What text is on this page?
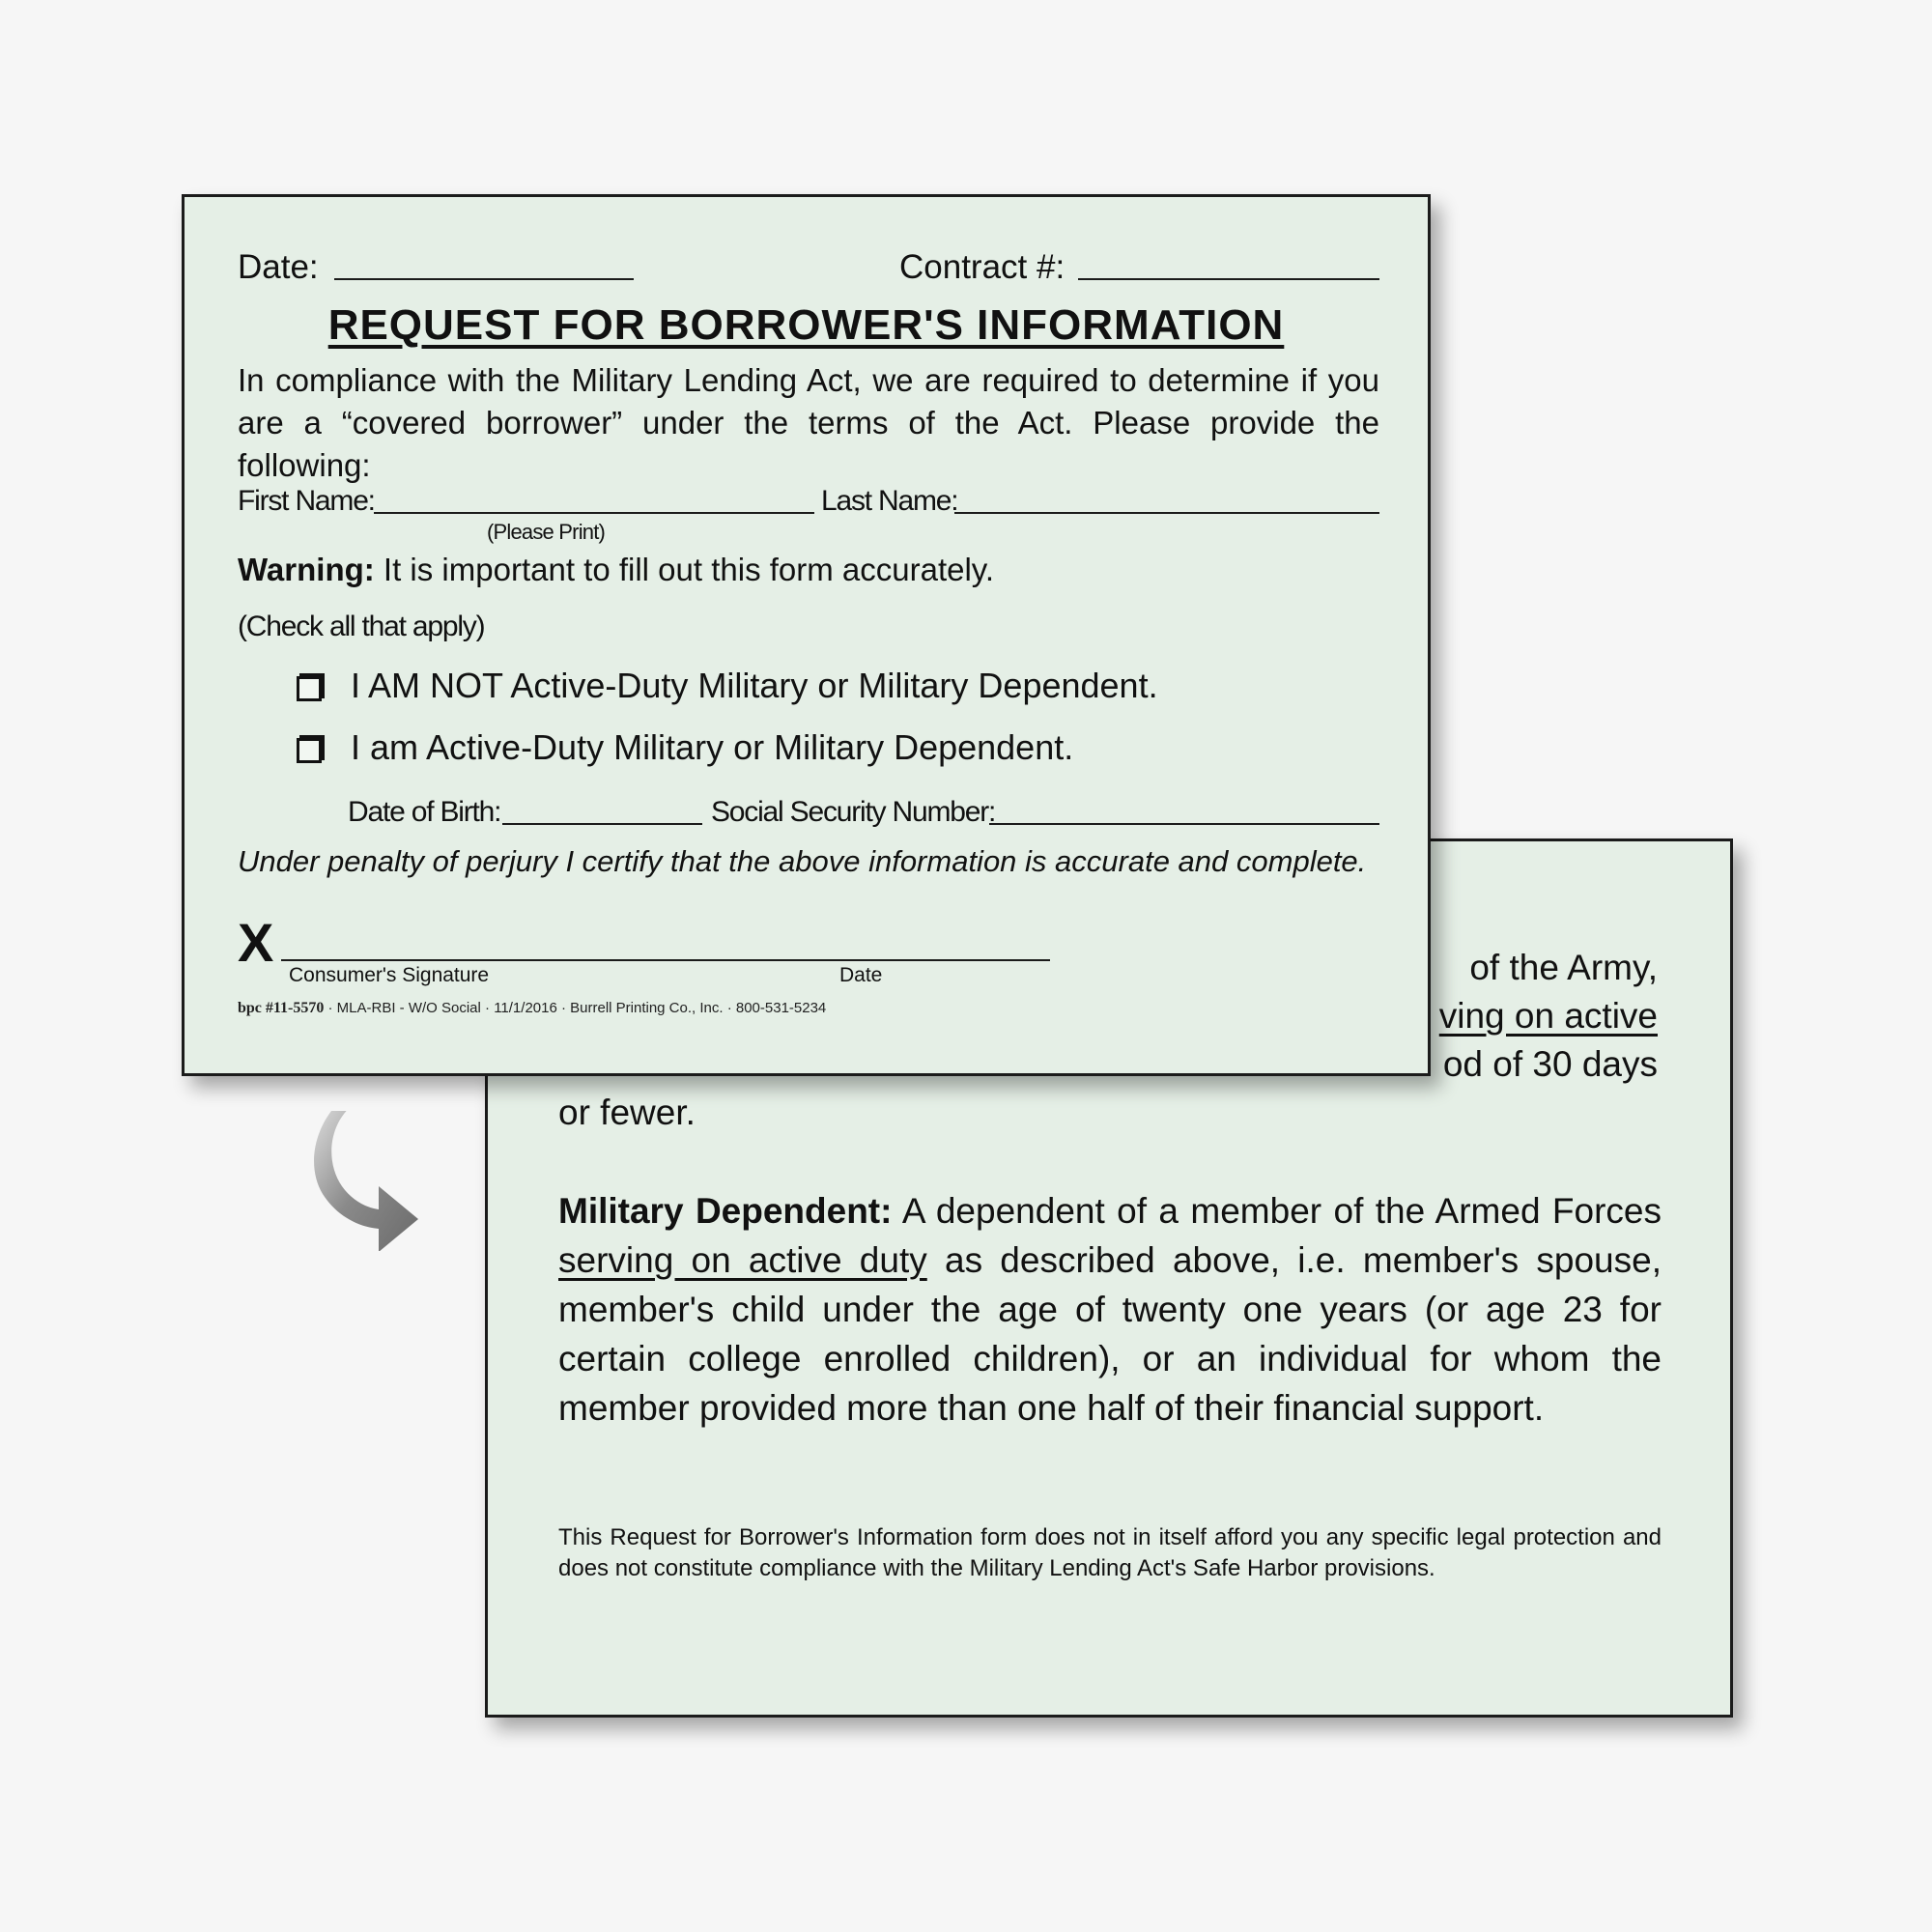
of the Army,
ving on active
od of 30 days
or fewer.

Military Dependent: A dependent of a member of the Armed Forces serving on active duty as described above, i.e. member's spouse, member's child under the age of twenty one years (or age 23 for certain college enrolled children), or an individual for whom the member provided more than one half of their financial support.

This Request for Borrower's Information form does not in itself afford you any specific legal protection and does not constitute compliance with the Military Lending Act's Safe Harbor provisions.

Date:	Contract #:
REQUEST FOR BORROWER'S INFORMATION

In compliance with the Military Lending Act, we are required to determine if you are a “covered borrower” under the terms of the Act. Please provide the following:

First Name:	Last Name:
(Please Print)
Warning: It is important to fill out this form accurately.
(Check all that apply)
I AM NOT Active-Duty Military or Military Dependent.
I am Active-Duty Military or Military Dependent.
Date of Birth:	Social Security Number:
Under penalty of perjury I certify that the above information is accurate and complete.
X
Consumer's Signature	Date
bpc #11-5570 · MLA-RBI - W/O Social · 11/1/2016 · Burrell Printing Co., Inc. · 800-531-5234
